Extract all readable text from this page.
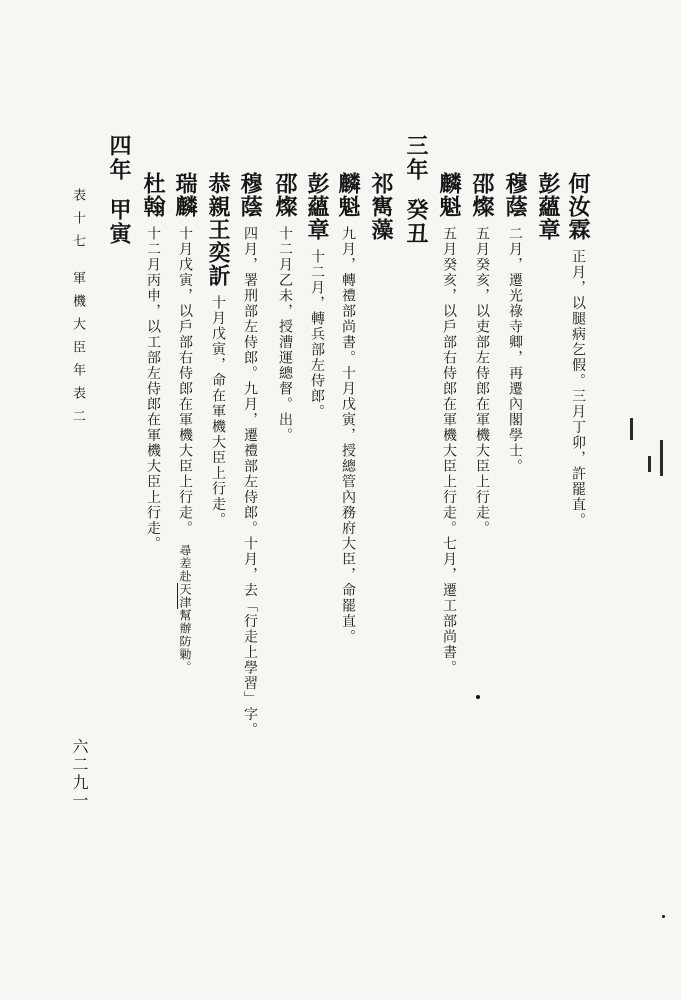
何汝霖正月，以腿病乞假。三月丁卯，許罷直。
彭蘊章
穆蔭二月，遷光祿寺卿，再遷內閣學士。
邵燦五月癸亥，以吏部左侍郎在軍機大臣上行走。
麟魁五月癸亥，以戶部右侍郎在軍機大臣上行走。七月，遷工部尚書。
三年癸丑
祁寯藻
麟魁九月，轉禮部尚書。十月戊寅，授總管內務府大臣，命罷直。
彭蘊章十二月，轉兵部左侍郎。
邵燦十二月乙未，授漕運總督。出。
穆蔭四月，署刑部左侍郎。九月，遷禮部左侍郎。十月，去「行走上學習」字。
恭親王奕訢十月戊寅，命在軍機大臣上行走。
瑞麟十月戊寅，以戶部右侍郎在軍機大臣上行走。尋差赴天津幫辦防勦。
杜翰十二月丙申，以工部左侍郎在軍機大臣上行走。
四年甲寅
表十七軍機大臣年表二
六二九一
